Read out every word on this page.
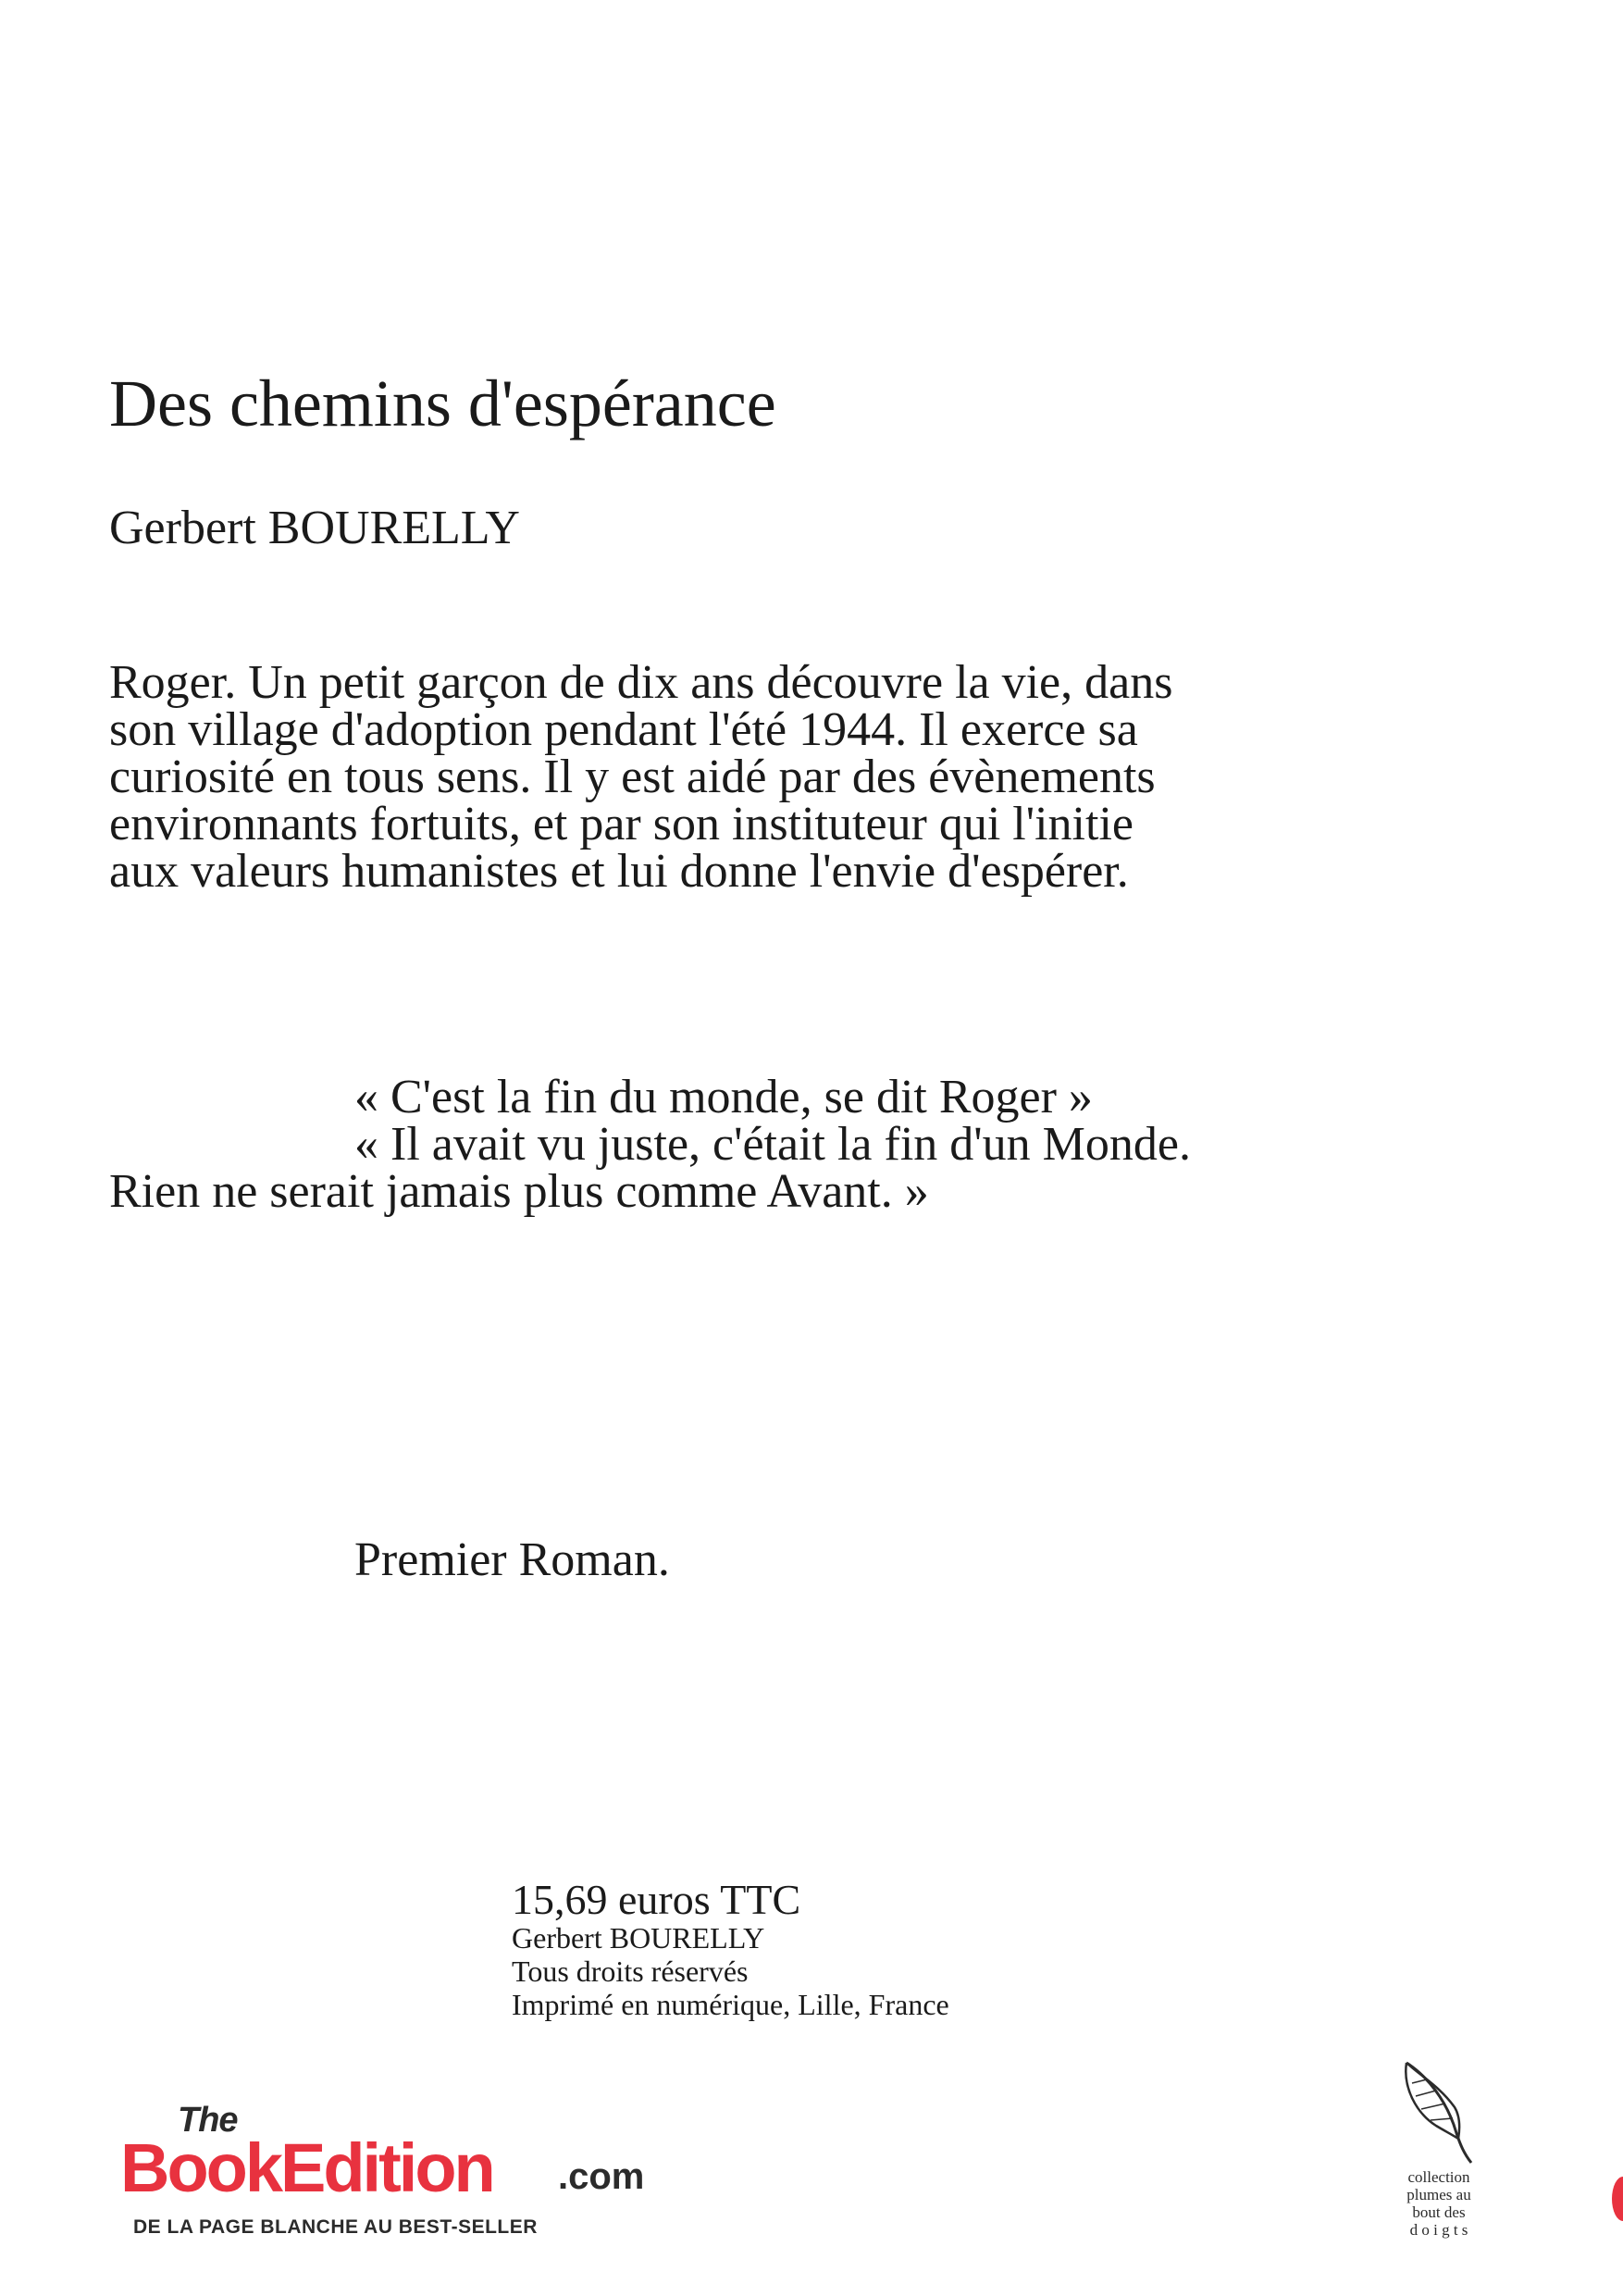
Des chemins d'espérance
Gerbert BOURELLY

Roger. Un petit garçon de dix ans découvre la vie, dans son village d'adoption pendant l'été 1944. Il exerce sa curiosité en tous sens. Il y est aidé par des évènements environnants fortuits, et par son instituteur qui l'initie aux valeurs humanistes et lui donne l'envie d'espérer.

« C'est la fin du monde, se dit Roger »

« Il avait vu juste, c'était la fin d'un Monde. Rien ne serait jamais plus comme Avant. »

Premier Roman.
15,69 euros TTC
Gerbert BOURELLY
Tous droits réservés
Imprimé en numérique, Lille, France
The
BookEdition .com
DE LA PAGE BLANCHE AU BEST-SELLER
collection
plumes au
bout des
d o i g t s
